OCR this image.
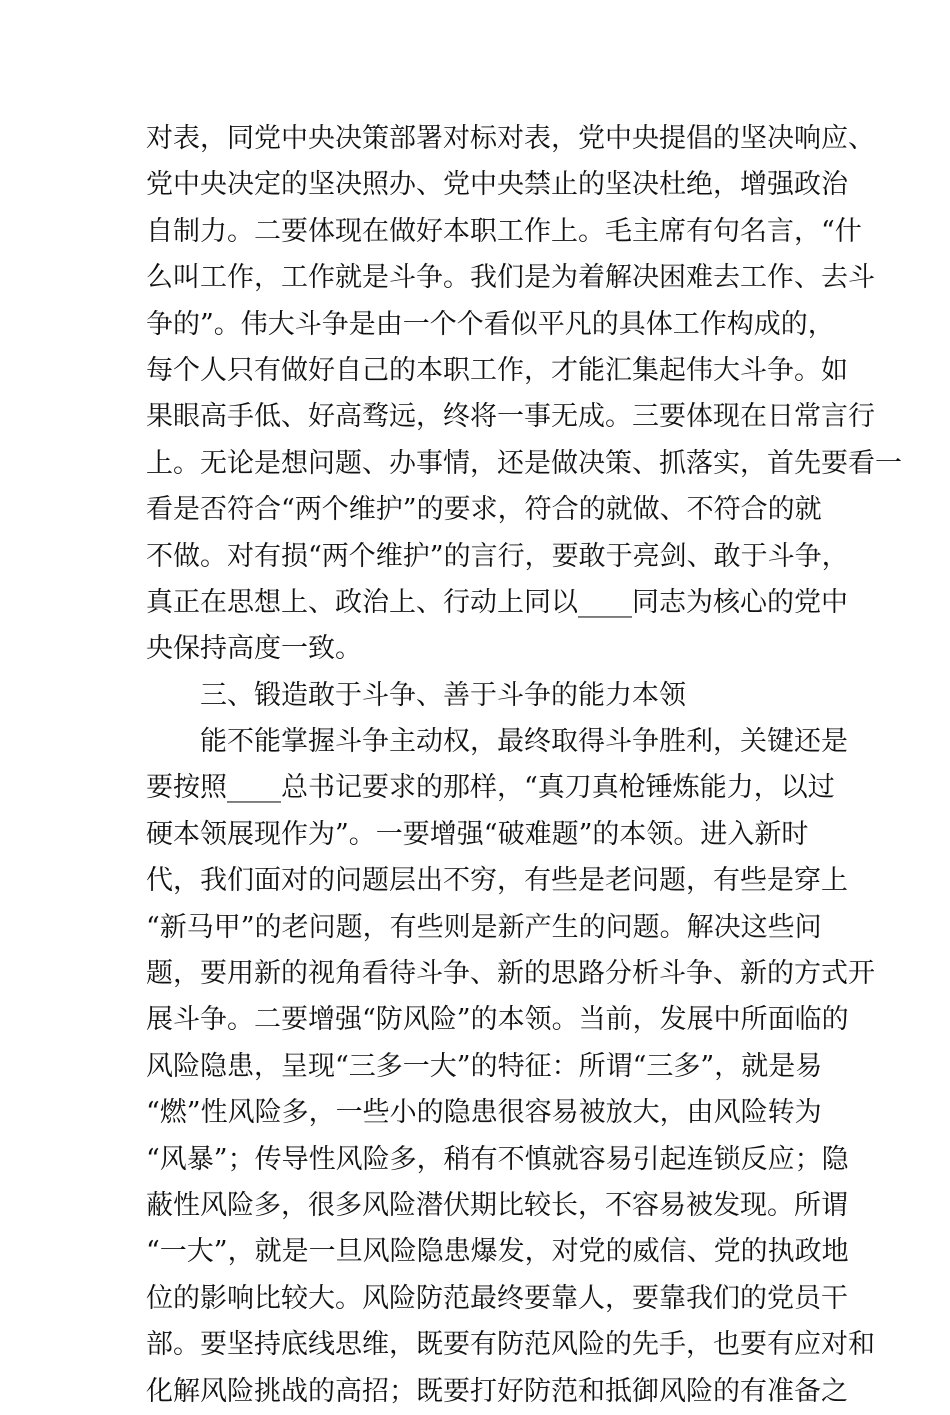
对表，同党中央决策部署对标对表，党中央提倡的坚决响应、
党中央决定的坚决照办、党中央禁止的坚决杜绝，增强政治
自制力。二要体现在做好本职工作上。毛主席有句名言，“什
么叫工作，工作就是斗争。我们是为着解决困难去工作、去斗
争的”。伟大斗争是由一个个看似平凡的具体工作构成的，
每个人只有做好自己的本职工作，才能汇集起伟大斗争。如
果眼高手低、好高骛远，终将一事无成。三要体现在日常言行
上。无论是想问题、办事情，还是做决策、抓落实，首先要看一
看是否符合“两个维护”的要求，符合的就做、不符合的就
不做。对有损“两个维护”的言行，要敢于亮剑、敢于斗争，
真正在思想上、政治上、行动上同以____同志为核心的党中
央保持高度一致。
三、锻造敢于斗争、善于斗争的能力本领
能不能掌握斗争主动权，最终取得斗争胜利，关键还是
要按照____总书记要求的那样，“真刀真枪锤炼能力，以过
硬本领展现作为”。一要增强“破难题”的本领。进入新时
代，我们面对的问题层出不穷，有些是老问题，有些是穿上
“新马甲”的老问题，有些则是新产生的问题。解决这些问
题，要用新的视角看待斗争、新的思路分析斗争、新的方式开
展斗争。二要增强“防风险”的本领。当前，发展中所面临的
风险隐患，呈现“三多一大”的特征：所谓“三多”，就是易
“燃”性风险多，一些小的隐患很容易被放大，由风险转为
“风暴”；传导性风险多，稍有不慎就容易引起连锁反应；隐
蔽性风险多，很多风险潜伏期比较长，不容易被发现。所谓
“一大”，就是一旦风险隐患爆发，对党的威信、党的执政地
位的影响比较大。风险防范最终要靠人，要靠我们的党员干
部。要坚持底线思维，既要有防范风险的先手，也要有应对和
化解风险挑战的高招；既要打好防范和抵御风险的有准备之
